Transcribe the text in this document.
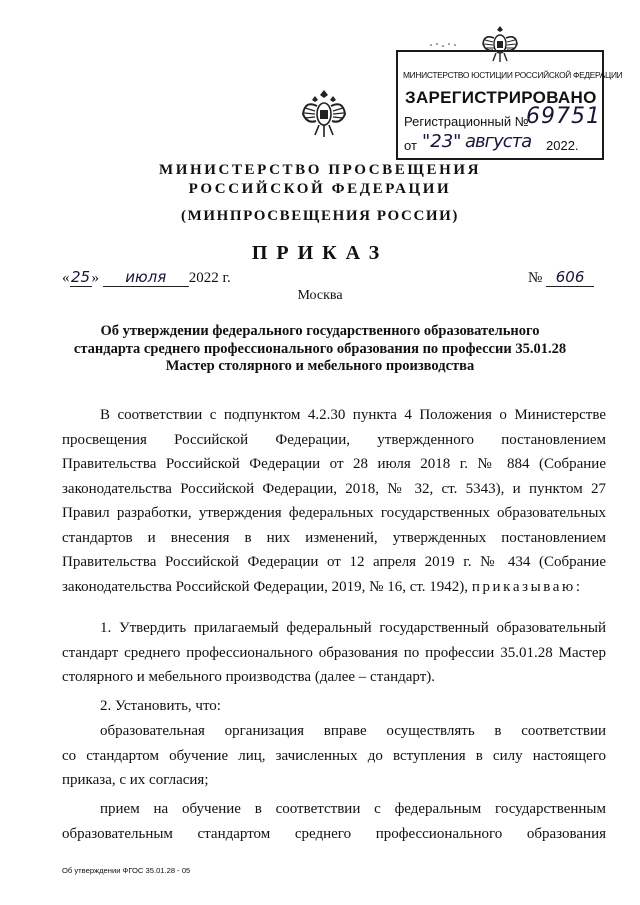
МИНИСТЕРСТВО ЮСТИЦИИ РОССИЙСКОЙ ФЕДЕРАЦИИ
ЗАРЕГИСТРИРОВАНО
Регистрационный №
69751
от "23" августа 2022.
МИНИСТЕРСТВО ПРОСВЕЩЕНИЯ
РОССИЙСКОЙ ФЕДЕРАЦИИ
(МИНПРОСВЕЩЕНИЯ РОССИИ)
ПРИКАЗ
«25» июля 2022 г.	№ 606
Москва
Об утверждении федерального государственного образовательного
стандарта среднего профессионального образования по профессии 35.01.28
Мастер столярного и мебельного производства

В соответствии с подпунктом 4.2.30 пункта 4 Положения о Министерстве

просвещения Российской Федерации, утвержденного постановлением

Правительства Российской Федерации от 28 июля 2018 г. № 884 (Собрание

законодательства Российской Федерации, 2018, № 32, ст. 5343), и пунктом 27

Правил разработки, утверждения федеральных государственных образовательных

стандартов и внесения в них изменений, утвержденных постановлением

Правительства Российской Федерации от 12 апреля 2019 г. № 434 (Собрание

законодательства Российской Федерации, 2019, № 16, ст. 1942), приказываю:

1. Утвердить прилагаемый федеральный государственный образовательный

стандарт среднего профессионального образования по профессии 35.01.28 Мастер

столярного и мебельного производства (далее – стандарт).

2. Установить, что:

образовательная организация вправе осуществлять в соответствии

со стандартом обучение лиц, зачисленных до вступления в силу настоящего

приказа, с их согласия;

прием на обучение в соответствии с федеральным государственным

образовательным стандартом среднего профессионального образования

Об утверждении ФГОС 35.01.28 - 05
